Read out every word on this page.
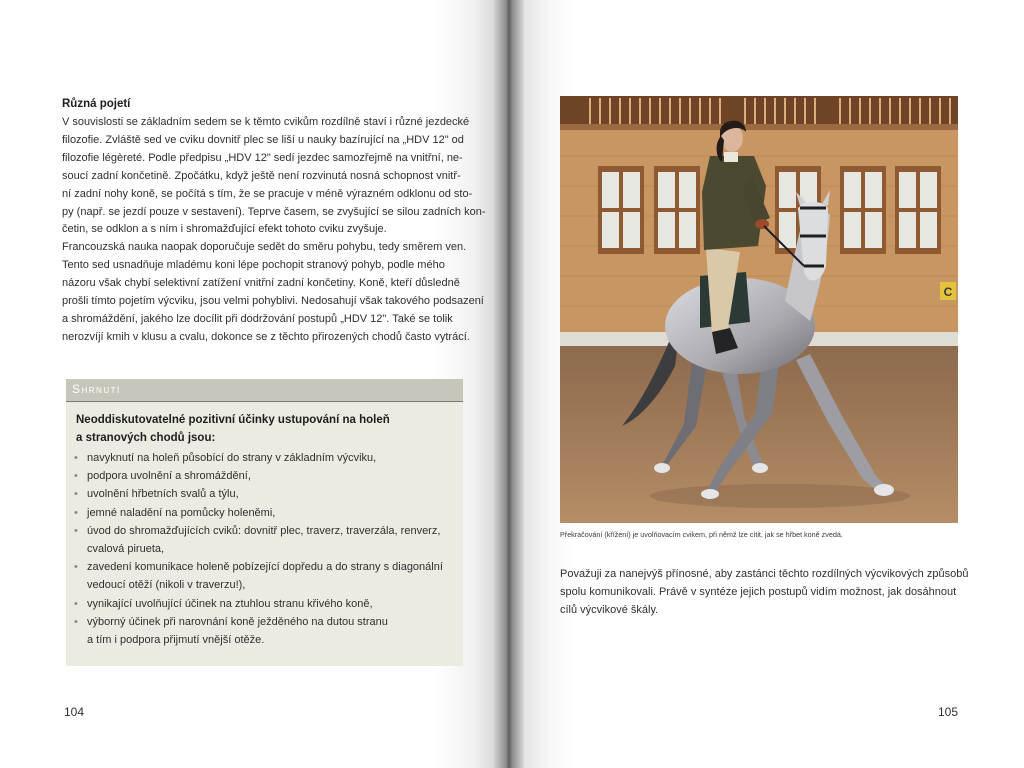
Různá pojetí
V souvislosti se základním sedem se k těmto cvikům rozdílně staví i různé jezdecké
filozofie. Zvláště sed ve cviku dovnitř plec se liší u nauky bazírující na „HDV 12" od
filozofie légèreté. Podle předpisu „HDV 12" sedí jezdec samozřejmě na vnitřní, ne-
soucí zadní končetině. Zpočátku, když ještě není rozvinutá nosná schopnost vnitř-
ní zadní nohy koně, se počítá s tím, že se pracuje v méně výrazném odklonu od sto-
py (např. se jezdí pouze v sestavení). Teprve časem, se zvyšující se silou zadních kon-
četin, se odklon a s ním i shromažďující efekt tohoto cviku zvyšuje.
Francouzská nauka naopak doporučuje sedět do směru pohybu, tedy směrem ven.
Tento sed usnadňuje mladému koni lépe pochopit stranový pohyb, podle mého
názoru však chybí selektivní zatížení vnitřní zadní končetiny. Koně, kteří důsledně
prošli tímto pojetím výcviku, jsou velmi pohyblivi. Nedosahují však takového podsazení
a shromáždění, jakého lze docílit při dodržování postupů „HDV 12". Také se tolik
nerozvíjí kmih v klusu a cvalu, dokonce se z těchto přirozených chodů často vytrácí.
Shrnutí
Neoddiskutovatelné pozitivní účinky ustupování na holeň
a stranových chodů jsou:
• navyknutí na holeň působící do strany v základním výcviku,
• podpora uvolnění a shromáždění,
• uvolnění hřbetních svalů a týlu,
• jemné naladění na pomůcky holeněmi,
• úvod do shromažďujících cviků: dovnitř plec, traverz, traverzála, renverz,
cvalová pirueta,
• zavedení komunikace holeně pobízející dopředu a do strany s diagonální
vedoucí otěží (nikoli v traverzu!),
• vynikající uvolňující účinek na ztuhlou stranu křivého koně,
• výborný účinek při narovnání koně ježděného na dutou stranu
a tím i podpora přijmutí vnější otěže.
104
C
Překračování (křížení) je uvolňovacím cvikem, při němž lze cítit, jak se hřbet koně zvedá.
Považuji za nanejvýš přínosné, aby zastánci těchto rozdílných výcvikových způsobů
spolu komunikovali. Právě v syntéze jejich postupů vidím možnost, jak dosáhnout
cílů výcvikové škály.
105
